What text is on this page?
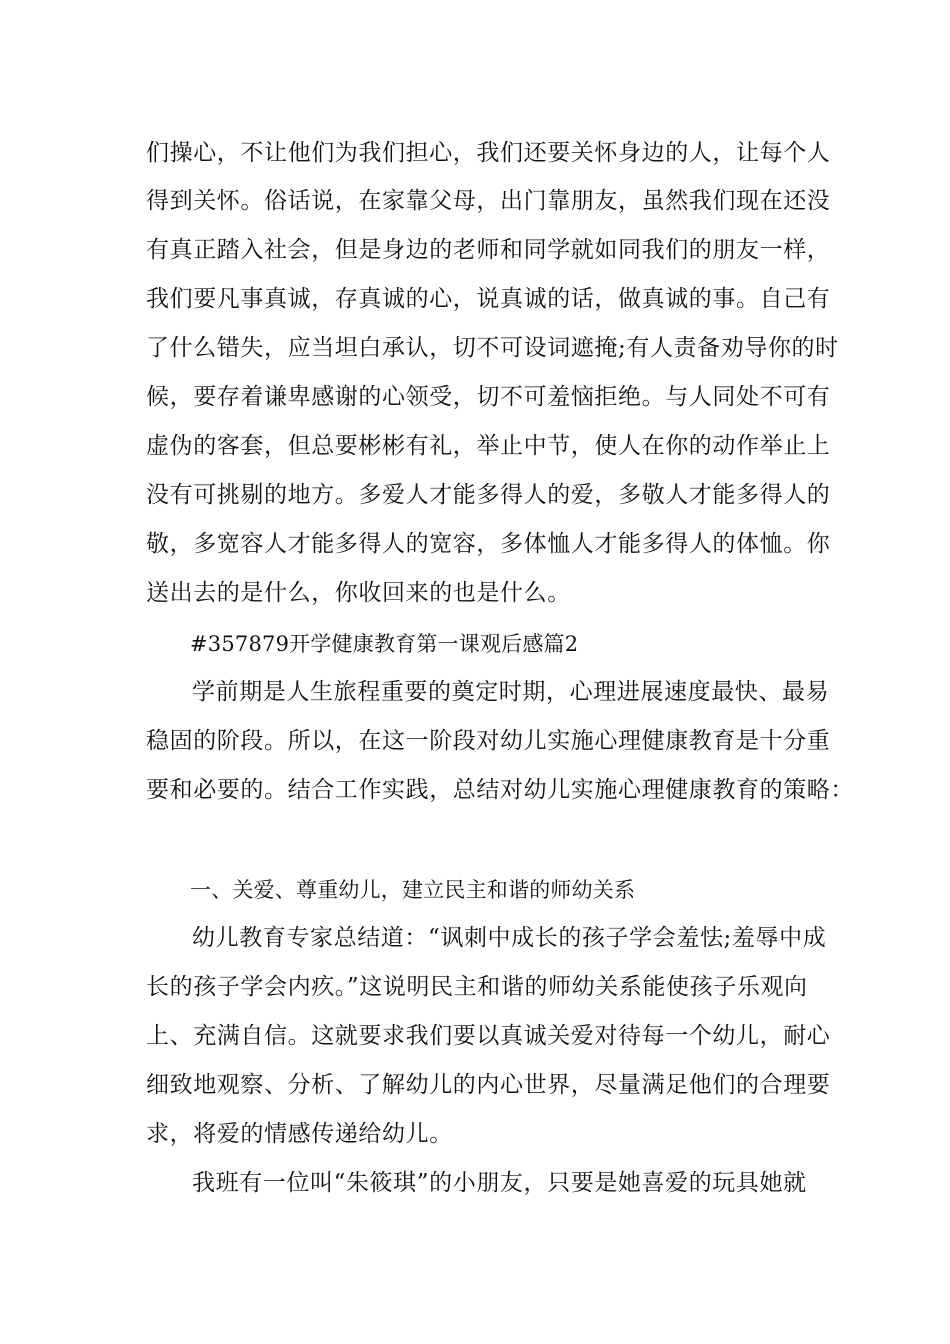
们操心，不让他们为我们担心，我们还要关怀身边的人，让每个人
得到关怀。俗话说，在家靠父母，出门靠朋友，虽然我们现在还没
有真正踏入社会，但是身边的老师和同学就如同我们的朋友一样，
我们要凡事真诚，存真诚的心，说真诚的话，做真诚的事。自己有
了什么错失，应当坦白承认，切不可设词遮掩;有人责备劝导你的时
候，要存着谦卑感谢的心领受，切不可羞恼拒绝。与人同处不可有
虚伪的客套，但总要彬彬有礼，举止中节，使人在你的动作举止上
没有可挑剔的地方。多爱人才能多得人的爱，多敬人才能多得人的
敬，多宽容人才能多得人的宽容，多体恤人才能多得人的体恤。你
送出去的是什么，你收回来的也是什么。
#357879开学健康教育第一课观后感篇2
学前期是人生旅程重要的奠定时期，心理进展速度最快、最易
稳固的阶段。所以，在这一阶段对幼儿实施心理健康教育是十分重
要和必要的。结合工作实践，总结对幼儿实施心理健康教育的策略：
一、关爱、尊重幼儿，建立民主和谐的师幼关系
幼儿教育专家总结道：“讽刺中成长的孩子学会羞怯;羞辱中成
长的孩子学会内疚。”这说明民主和谐的师幼关系能使孩子乐观向
上、充满自信。这就要求我们要以真诚关爱对待每一个幼儿，耐心
细致地观察、分析、了解幼儿的内心世界，尽量满足他们的合理要
求，将爱的情感传递给幼儿。
我班有一位叫“朱筱琪”的小朋友，只要是她喜爱的玩具她就
